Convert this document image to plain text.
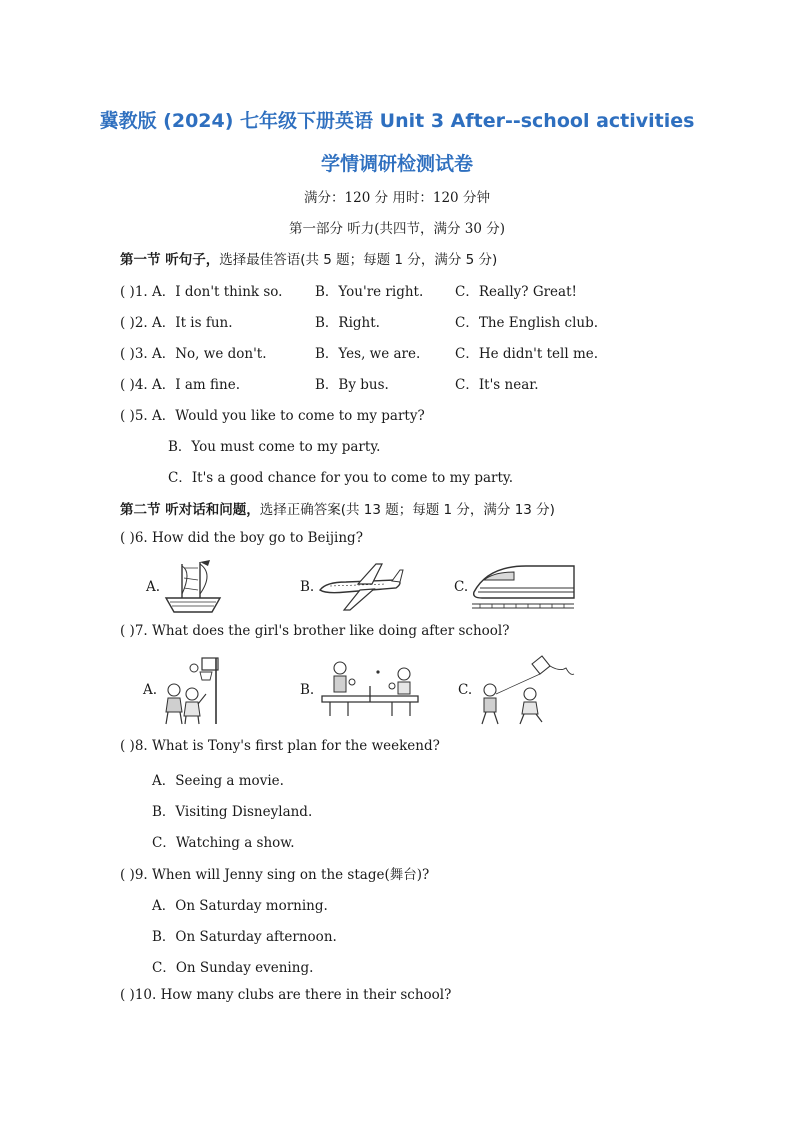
冀教版 (2024) 七年级下册英语 Unit 3 After--school activities
学情调研检测试卷
满分：120 分 用时：120 分钟
第一部分 听力(共四节，满分 30 分)
第一节 听句子，选择最佳答语(共 5 题；每题 1 分，满分 5 分)
( )1. A．I don't think so. B．You're right. C．Really? Great!
( )2. A．It is fun.	B．Right.	C．The English club.
( )3. A．No, we don't.	B．Yes, we are.	C．He didn't tell me.
( )4. A．I am fine.	B．By bus.	C．It's near.
( )5. A．Would you like to come to my party?
B．You must come to my party.
C．It's a good chance for you to come to my party.
第二节 听对话和问题，选择正确答案(共 13 题；每题 1 分，满分 13 分)
( )6. How did the boy go to Beijing?
A.	B.	C.
( )7. What does the girl's brother like doing after school?
A.	B.	C.
( )8. What is Tony's first plan for the weekend?
A．Seeing a movie.
B．Visiting Disneyland.
C．Watching a show.
( )9. When will Jenny sing on the stage(舞台)?
A．On Saturday morning.
B．On Saturday afternoon.
C．On Sunday evening.
( )10. How many clubs are there in their school?
